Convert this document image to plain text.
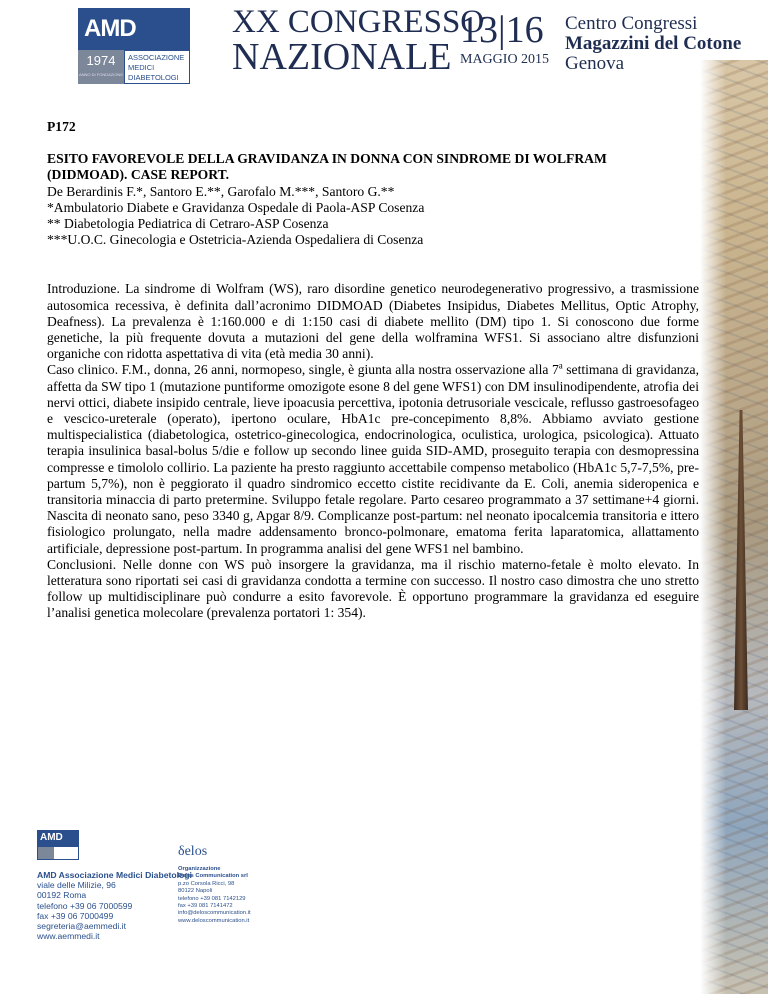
AMD
1974
ANNO DI FONDAZIONE
ASSOCIAZIONE
MEDICI
DIABETOLOGI
XX CONGRESSO
NAZIONALE
13|16
MAGGIO 2015
Centro Congressi
Magazzini del Cotone
Genova

P172

ESITO FAVOREVOLE DELLA GRAVIDANZA IN DONNA CON SINDROME DI WOLFRAM

(DIDMOAD). CASE REPORT.

De Berardinis F.*, Santoro E.**, Garofalo M.***, Santoro G.**

*Ambulatorio Diabete e Gravidanza Ospedale di Paola-ASP Cosenza

** Diabetologia Pediatrica di Cetraro-ASP Cosenza

***U.O.C. Ginecologia e Ostetricia-Azienda Ospedaliera di Cosenza

Introduzione. La sindrome di Wolfram (WS), raro disordine genetico neurodegenerativo progressivo, a trasmissione autosomica recessiva, è definita dall’acronimo DIDMOAD (Diabetes Insipidus, Diabetes Mellitus, Optic Atrophy, Deafness). La prevalenza è 1:160.000 e di 1:150 casi di diabete mellito (DM) tipo 1. Si conoscono due forme genetiche, la più frequente dovuta a mutazioni del gene della wolframina WFS1. Si associano altre disfunzioni organiche con ridotta aspettativa di vita (età media 30 anni).

Caso clinico. F.M., donna, 26 anni, normopeso, single, è giunta alla nostra osservazione alla 7$^a$ settimana di gravidanza, affetta da SW tipo 1 (mutazione puntiforme omozigote esone 8 del gene WFS1) con DM insulinodipendente, atrofia dei nervi ottici, diabete insipido centrale, lieve ipoacusia percettiva, ipotonia detrusoriale vescicale, reflusso gastroesofageo e vescico-ureterale (operato), ipertono oculare, HbA1c pre-concepimento 8,8%. Abbiamo avviato gestione multispecialistica (diabetologica, ostetrico-ginecologica, endocrinologica, oculistica, urologica, psicologica). Attuato terapia insulinica basal-bolus 5/die e follow up secondo linee guida SID-AMD, proseguito terapia con desmopressina compresse e timololo collirio. La paziente ha presto raggiunto accettabile compenso metabolico (HbA1c 5,7-7,5%, pre-partum 5,7%), non è peggiorato il quadro sindromico eccetto cistite recidivante da E. Coli, anemia sideropenica e transitoria minaccia di parto pretermine. Sviluppo fetale regolare. Parto cesareo programmato a 37 settimane+4 giorni. Nascita di neonato sano, peso 3340 g, Apgar 8/9. Complicanze post-partum: nel neonato ipocalcemia transitoria e ittero fisiologico prolungato, nella madre addensamento bronco-polmonare, ematoma ferita laparatomica, allattamento artificiale, depressione post-partum. In programma analisi del gene WFS1 nel bambino.

Conclusioni. Nelle donne con WS può insorgere la gravidanza, ma il rischio materno-fetale è molto elevato. In letteratura sono riportati sei casi di gravidanza condotta a termine con successo. Il nostro caso dimostra che uno stretto follow up multidisciplinare può condurre a esito favorevole. È opportuno programmare la gravidanza ed eseguire l’analisi genetica molecolare (prevalenza portatori 1: 354).

AMD
AMD Associazione Medici Diabetologi
viale delle Milizie, 96
00192 Roma
telefono +39 06 7000599
fax +39 06 7000499
segreteria@aemmedi.it
www.aemmedi.it
δelos
Organizzazione
Delos Communication srl
p.zo Corsola Ricci, 98
80122 Napoli
telefono +39 081 7142129
fax +39 081 7141472
info@deloscommunication.it
www.deloscommunication.it
